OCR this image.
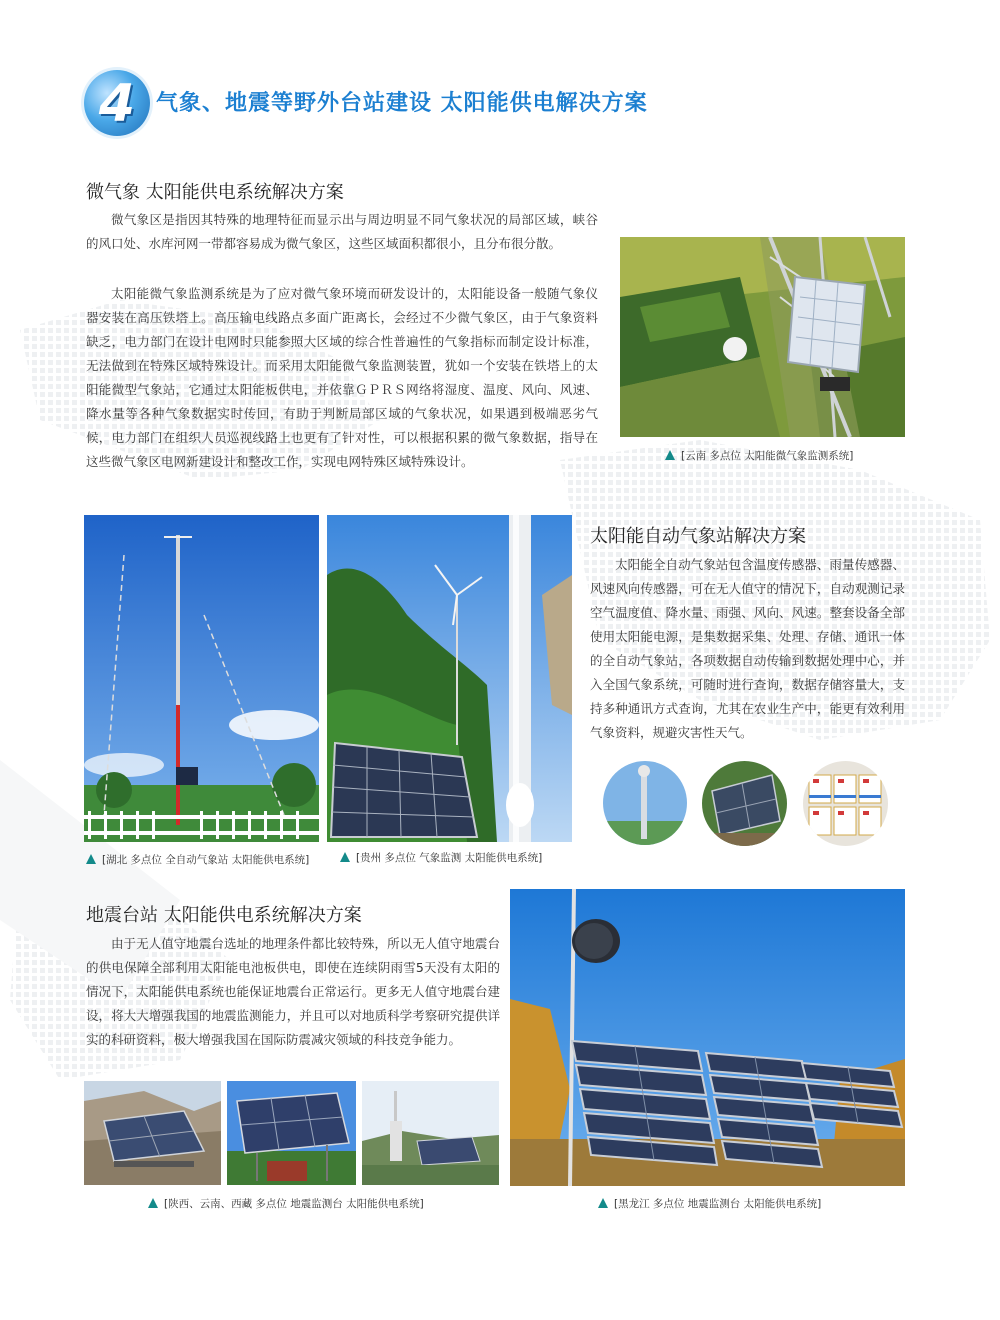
4 气象、地震等野外台站建设 太阳能供电解决方案
微气象 太阳能供电系统解决方案

微气象区是指因其特殊的地理特征而显示出与周边明显不同气象状况的局部区域，峡谷的风口处、水库河网一带都容易成为微气象区，这些区域面积都很小，且分布很分散。

太阳能微气象监测系统是为了应对微气象环境而研发设计的，太阳能设备一般随气象仪器安装在高压铁塔上。高压输电线路点多面广距离长，会经过不少微气象区，由于气象资料缺乏，电力部门在设计电网时只能参照大区域的综合性普遍性的气象指标而制定设计标准，无法做到在特殊区域特殊设计。而采用太阳能微气象监测装置，犹如一个安装在铁塔上的太阳能微型气象站，它通过太阳能板供电，并依靠ＧＰＲＳ网络将湿度、温度、风向、风速、降水量等各种气象数据实时传回，有助于判断局部区域的气象状况，如果遇到极端恶劣气候，电力部门在组织人员巡视线路上也更有了针对性，可以根据积累的微气象数据，指导在这些微气象区电网新建设计和整改工作，实现电网特殊区域特殊设计。	[云南 多点位 太阳能微气象监测系统]
[湖北 多点位 全自动气象站 太阳能供电系统]	[贵州 多点位 气象监测 太阳能供电系统]
太阳能自动气象站解决方案

太阳能全自动气象站包含温度传感器、雨量传感器、风速风向传感器，可在无人值守的情况下，自动观测记录空气温度值、降水量、雨强、风向、风速。整套设备全部使用太阳能电源，是集数据采集、处理、存储、通讯一体的全自动气象站，各项数据自动传输到数据处理中心，并入全国气象系统，可随时进行查询，数据存储容量大，支持多种通讯方式查询，尤其在农业生产中，能更有效利用气象资料，规避灾害性天气。

地震台站 太阳能供电系统解决方案

由于无人值守地震台选址的地理条件都比较特殊，所以无人值守地震台的供电保障全部利用太阳能电池板供电，即使在连续阴雨雪5天没有太阳的情况下，太阳能供电系统也能保证地震台正常运行。更多无人值守地震台建设，将大大增强我国的地震监测能力，并且可以对地质科学考察研究提供详实的科研资料，极大增强我国在国际防震减灾领域的科技竞争能力。

[黑龙江 多点位 地震监测台 太阳能供电系统]
[陕西、云南、西藏 多点位 地震监测台 太阳能供电系统]
